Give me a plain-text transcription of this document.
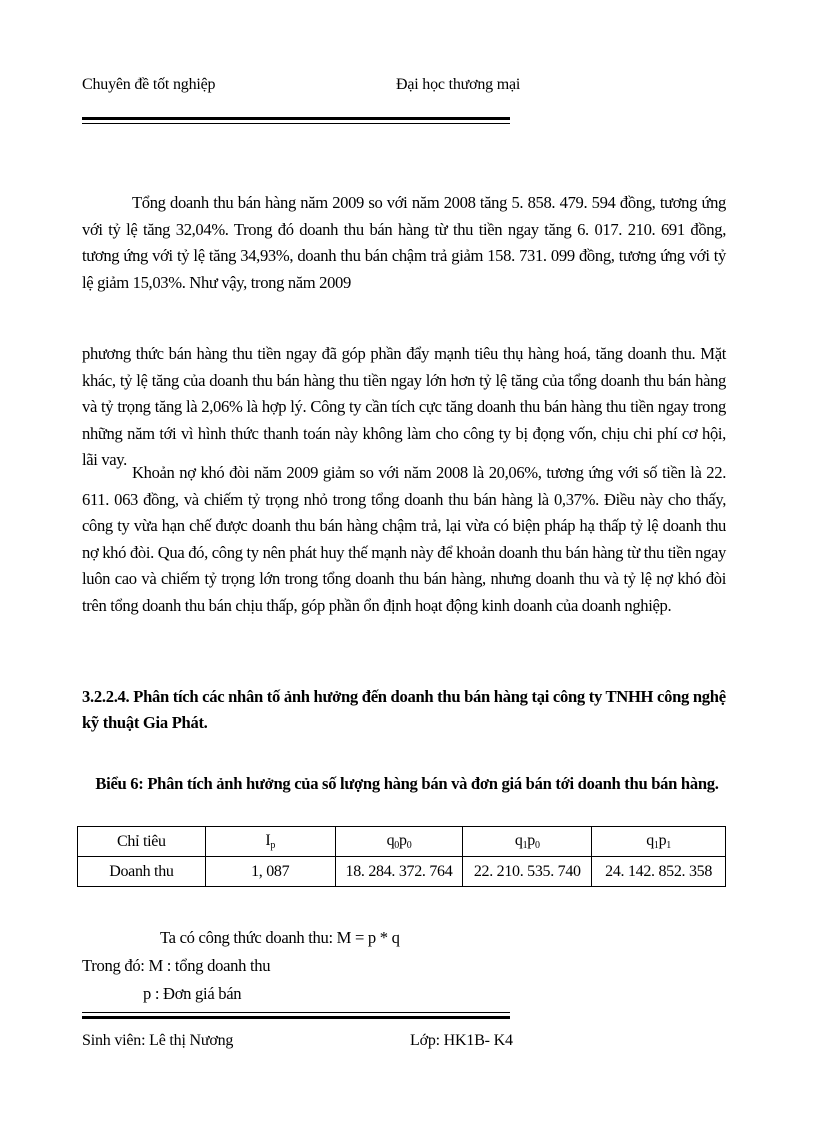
Chuyên đề tốt nghiệp	Đại học thương mại
Tổng doanh thu bán hàng năm 2009 so với năm 2008 tăng 5. 858. 479. 594 đồng, tương ứng với tỷ lệ tăng 32,04%. Trong đó doanh thu bán hàng từ thu tiền ngay tăng 6. 017. 210. 691 đồng, tương ứng với tỷ lệ tăng 34,93%, doanh thu bán chậm trả giảm 158. 731. 099 đồng, tương ứng với tỷ lệ giảm 15,03%. Như vậy, trong năm 2009
phương thức bán hàng thu tiền ngay đã góp phần đẩy mạnh tiêu thụ hàng hoá, tăng doanh thu. Mặt khác, tỷ lệ tăng của doanh thu bán hàng thu tiền ngay lớn hơn tỷ lệ tăng của tổng doanh thu bán hàng và tỷ trọng tăng là 2,06% là hợp lý. Công ty cần tích cực tăng doanh thu bán hàng thu tiền ngay trong những năm tới vì hình thức thanh toán này không làm cho công ty bị đọng vốn, chịu chi phí cơ hội, lãi vay.
Khoản nợ khó đòi năm 2009 giảm so với năm 2008 là 20,06%, tương ứng với số tiền là 22. 611. 063 đồng, và chiếm tỷ trọng nhỏ trong tổng doanh thu bán hàng là 0,37%. Điều này cho thấy, công ty vừa hạn chế được doanh thu bán hàng chậm trả, lại vừa có biện pháp hạ thấp tỷ lệ doanh thu nợ khó đòi. Qua đó, công ty nên phát huy thế mạnh này để khoản doanh thu bán hàng từ thu tiền ngay luôn cao và chiếm tỷ trọng lớn trong tổng doanh thu bán hàng, nhưng doanh thu và tỷ lệ nợ khó đòi trên tổng doanh thu bán chịu thấp, góp phần ổn định hoạt động kinh doanh của doanh nghiệp.
3.2.2.4. Phân tích các nhân tố ảnh hưởng đến doanh thu bán hàng tại công ty TNHH công nghệ kỹ thuật Gia Phát.
Biểu 6: Phân tích ảnh hưởng của số lượng hàng bán và đơn giá bán tới doanh thu bán hàng.
Chỉ tiêu	$I_p$	$q_0p_0$	$q_1p_0$	$q_1p_1$
Doanh thu	1, 087	18. 284. 372. 764	22. 210. 535. 740	24. 142. 852. 358
Ta có công thức doanh thu: M = p * q
Trong đó: M : tổng doanh thu
p : Đơn giá bán
Sinh viên: Lê thị Nương	Lớp: HK1B- K4
